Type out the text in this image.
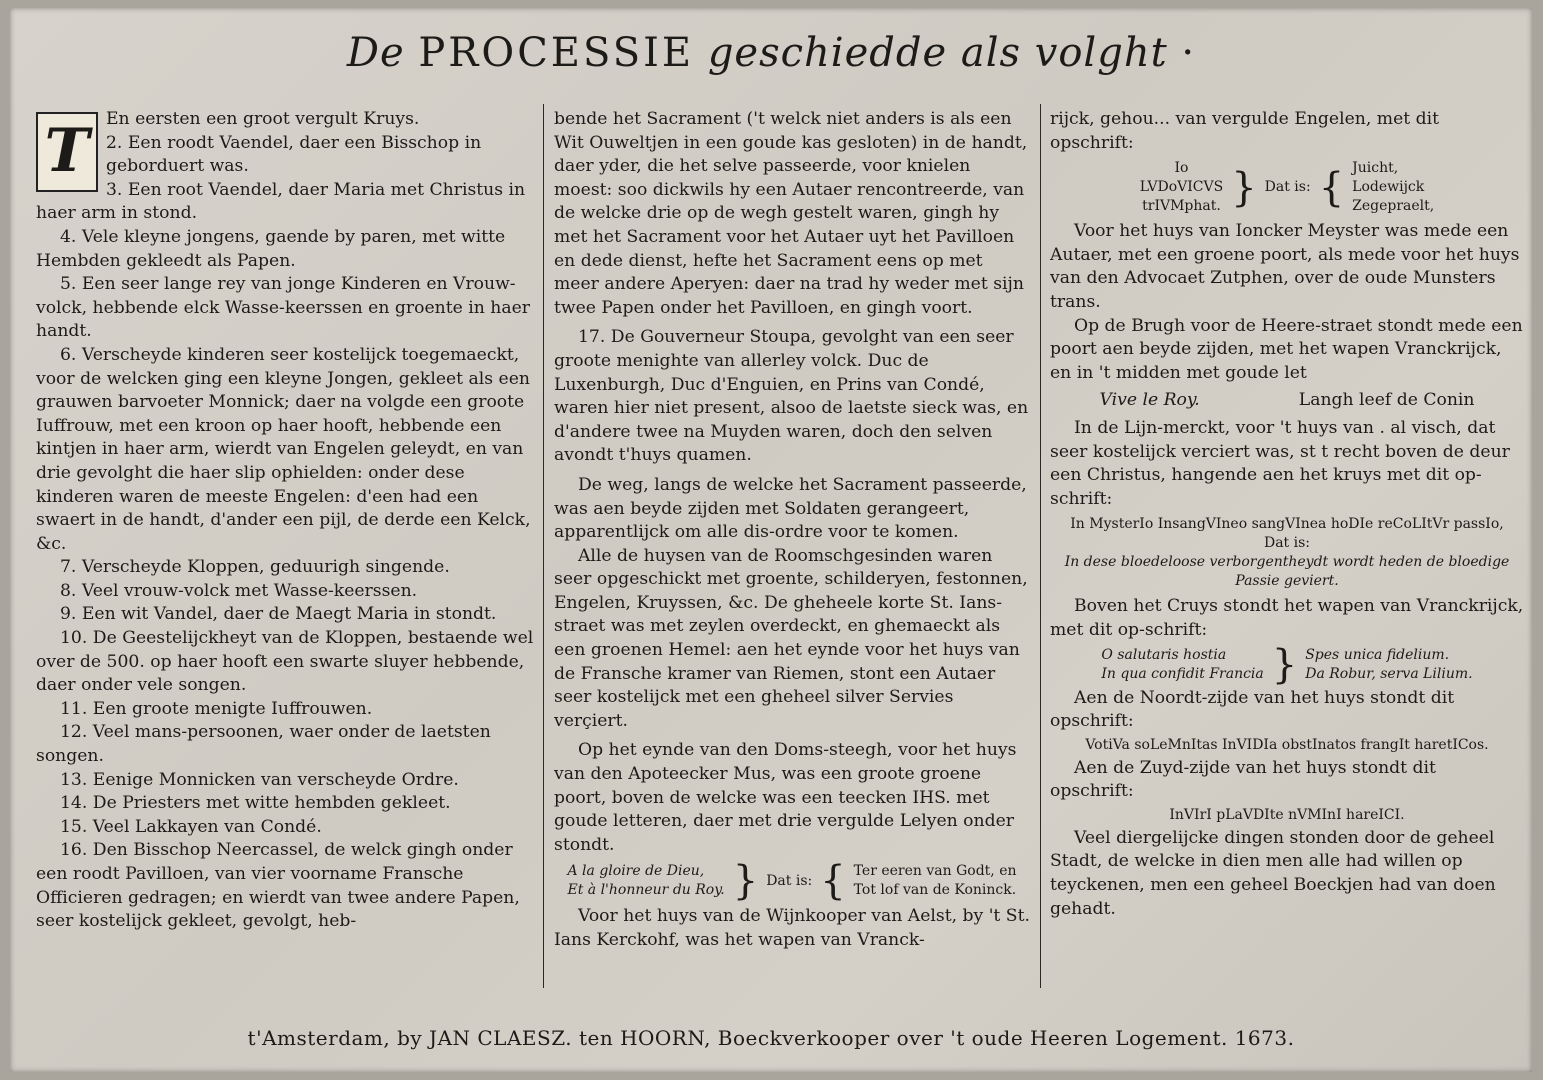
De PROCESSIE geschiedde als volght ·
T En eersten een groot vergult Kruys.

2. Een roodt Vaendel, daer een Bisschop in geborduert was.

3. Een root Vaendel, daer Maria met Christus in haer arm in stond.

4. Vele kleyne jongens, gaende by paren, met witte Hembden gekleedt als Papen.

5. Een seer lange rey van jonge Kinderen en Vrouw-volck, hebbende elck Wasse-keerssen en groente in haer handt.

6. Verscheyde kinderen seer kostelijck toegemaeckt, voor de welcken ging een kleyne Jongen, gekleet als een grauwen barvoeter Monnick; daer na volgde een groote Iuffrouw, met een kroon op haer hooft, hebbende een kintjen in haer arm, wierdt van Engelen geleydt, en van drie gevolght die haer slip ophielden: onder dese kinderen waren de meeste Engelen: d'een had een swaert in de handt, d'ander een pijl, de derde een Kelck, &c.

7. Verscheyde Kloppen, geduurigh singende.

8. Veel vrouw-volck met Wasse-keerssen.

9. Een wit Vandel, daer de Maegt Maria in stondt.

10. De Geestelijckheyt van de Kloppen, bestaende wel over de 500. op haer hooft een swarte sluyer hebbende, daer onder vele songen.

11. Een groote menigte Iuffrouwen.

12. Veel mans-persoonen, waer onder de laetsten songen.

13. Eenige Monnicken van verscheyde Ordre.

14. De Priesters met witte hembden gekleet.

15. Veel Lakkayen van Condé.

16. Den Bisschop Neercassel, de welck gingh onder een roodt Pavilloen, van vier voorname Fransche Officieren gedragen; en wierdt van twee andere Papen, seer kostelijck gekleet, gevolgt, heb-

bende het Sacrament ('t welck niet anders is als een Wit Ouweltjen in een goude kas gesloten) in de handt, daer yder, die het selve passeerde, voor knielen moest: soo dickwils hy een Autaer rencontreerde, van de welcke drie op de wegh gestelt waren, gingh hy met het Sacrament voor het Autaer uyt het Pavilloen en dede dienst, hefte het Sacrament eens op met meer andere Aperyen: daer na trad hy weder met sijn twee Papen onder het Pavilloen, en gingh voort.

17. De Gouverneur Stoupa, gevolght van een seer groote menighte van allerley volck. Duc de Luxenburgh, Duc d'Enguien, en Prins van Condé, waren hier niet present, alsoo de laetste sieck was, en d'andere twee na Muyden waren, doch den selven avondt t'huys quamen.

De weg, langs de welcke het Sacrament passeerde, was aen beyde zijden met Soldaten gerangeert, apparentlijck om alle dis-ordre voor te komen.

Alle de huysen van de Roomschgesinden waren seer opgeschickt met groente, schilderyen, festonnen, Engelen, Kruyssen, &c. De gheheele korte St. Ians-straet was met zeylen overdeckt, en ghemaeckt als een groenen Hemel: aen het eynde voor het huys van de Fransche kramer van Riemen, stont een Autaer seer kostelijck met een gheheel silver Servies verçiert.

Op het eynde van den Doms-steegh, voor het huys van den Apoteecker Mus, was een groote groene poort, boven de welcke was een teecken IHS. met goude letteren, daer met drie vergulde Lelyen onder stondt.

A la gloire de Dieu,
Et à l'honneur du Roy. } Dat is: { Ter eeren van Godt, en
Tot lof van de Koninck.

Voor het huys van de Wijnkooper van Aelst, by 't St. Ians Kerckohf, was het wapen van Vranck-

rijck, gehou... van vergulde Engelen, met dit opschrift:

Io
LVDoVICVS
trIVMphat. } Dat is: { Juicht,
Lodewijck
Zegepraelt,

Voor het huys van Ioncker Meyster was mede een Autaer, met een groene poort, als mede voor het huys van den Advocaet Zutphen, over de oude Munsters trans.

Op de Brugh voor de Heere-straet stondt mede een poort aen beyde zijden, met het wapen Vranckrijck, en in 't midden met goude let

Vive le Roy.	Langh leef de Conin

In de Lijn-merckt, voor 't huys van . al visch, dat seer kostelijck verciert was, st t recht boven de deur een Christus, hangende aen het kruys met dit op-schrift:

In MysterIo InsangVIneo sangVInea hoDIe reCoLItVr passIo,
Dat is:
In dese bloedeloose verborgentheydt wordt heden de bloedige Passie geviert.

Boven het Cruys stondt het wapen van Vranckrijck, met dit op-schrift:

O salutaris hostia
In qua confidit Francia } Spes unica fidelium.
Da Robur, serva Lilium.

Aen de Noordt-zijde van het huys stondt dit opschrift:

VotiVa soLeMnItas InVIDIa obstInatos frangIt haretICos.

Aen de Zuyd-zijde van het huys stondt dit opschrift:

InVIrI pLaVDIte nVMInI hareICI.

Veel diergelijcke dingen stonden door de geheel Stadt, de welcke in dien men alle had willen op teyckenen, men een geheel Boeckjen had van doen gehadt.

t'Amsterdam, by JAN CLAESZ. ten HOORN, Boeckverkooper over 't oude Heeren Logement. 1673.
